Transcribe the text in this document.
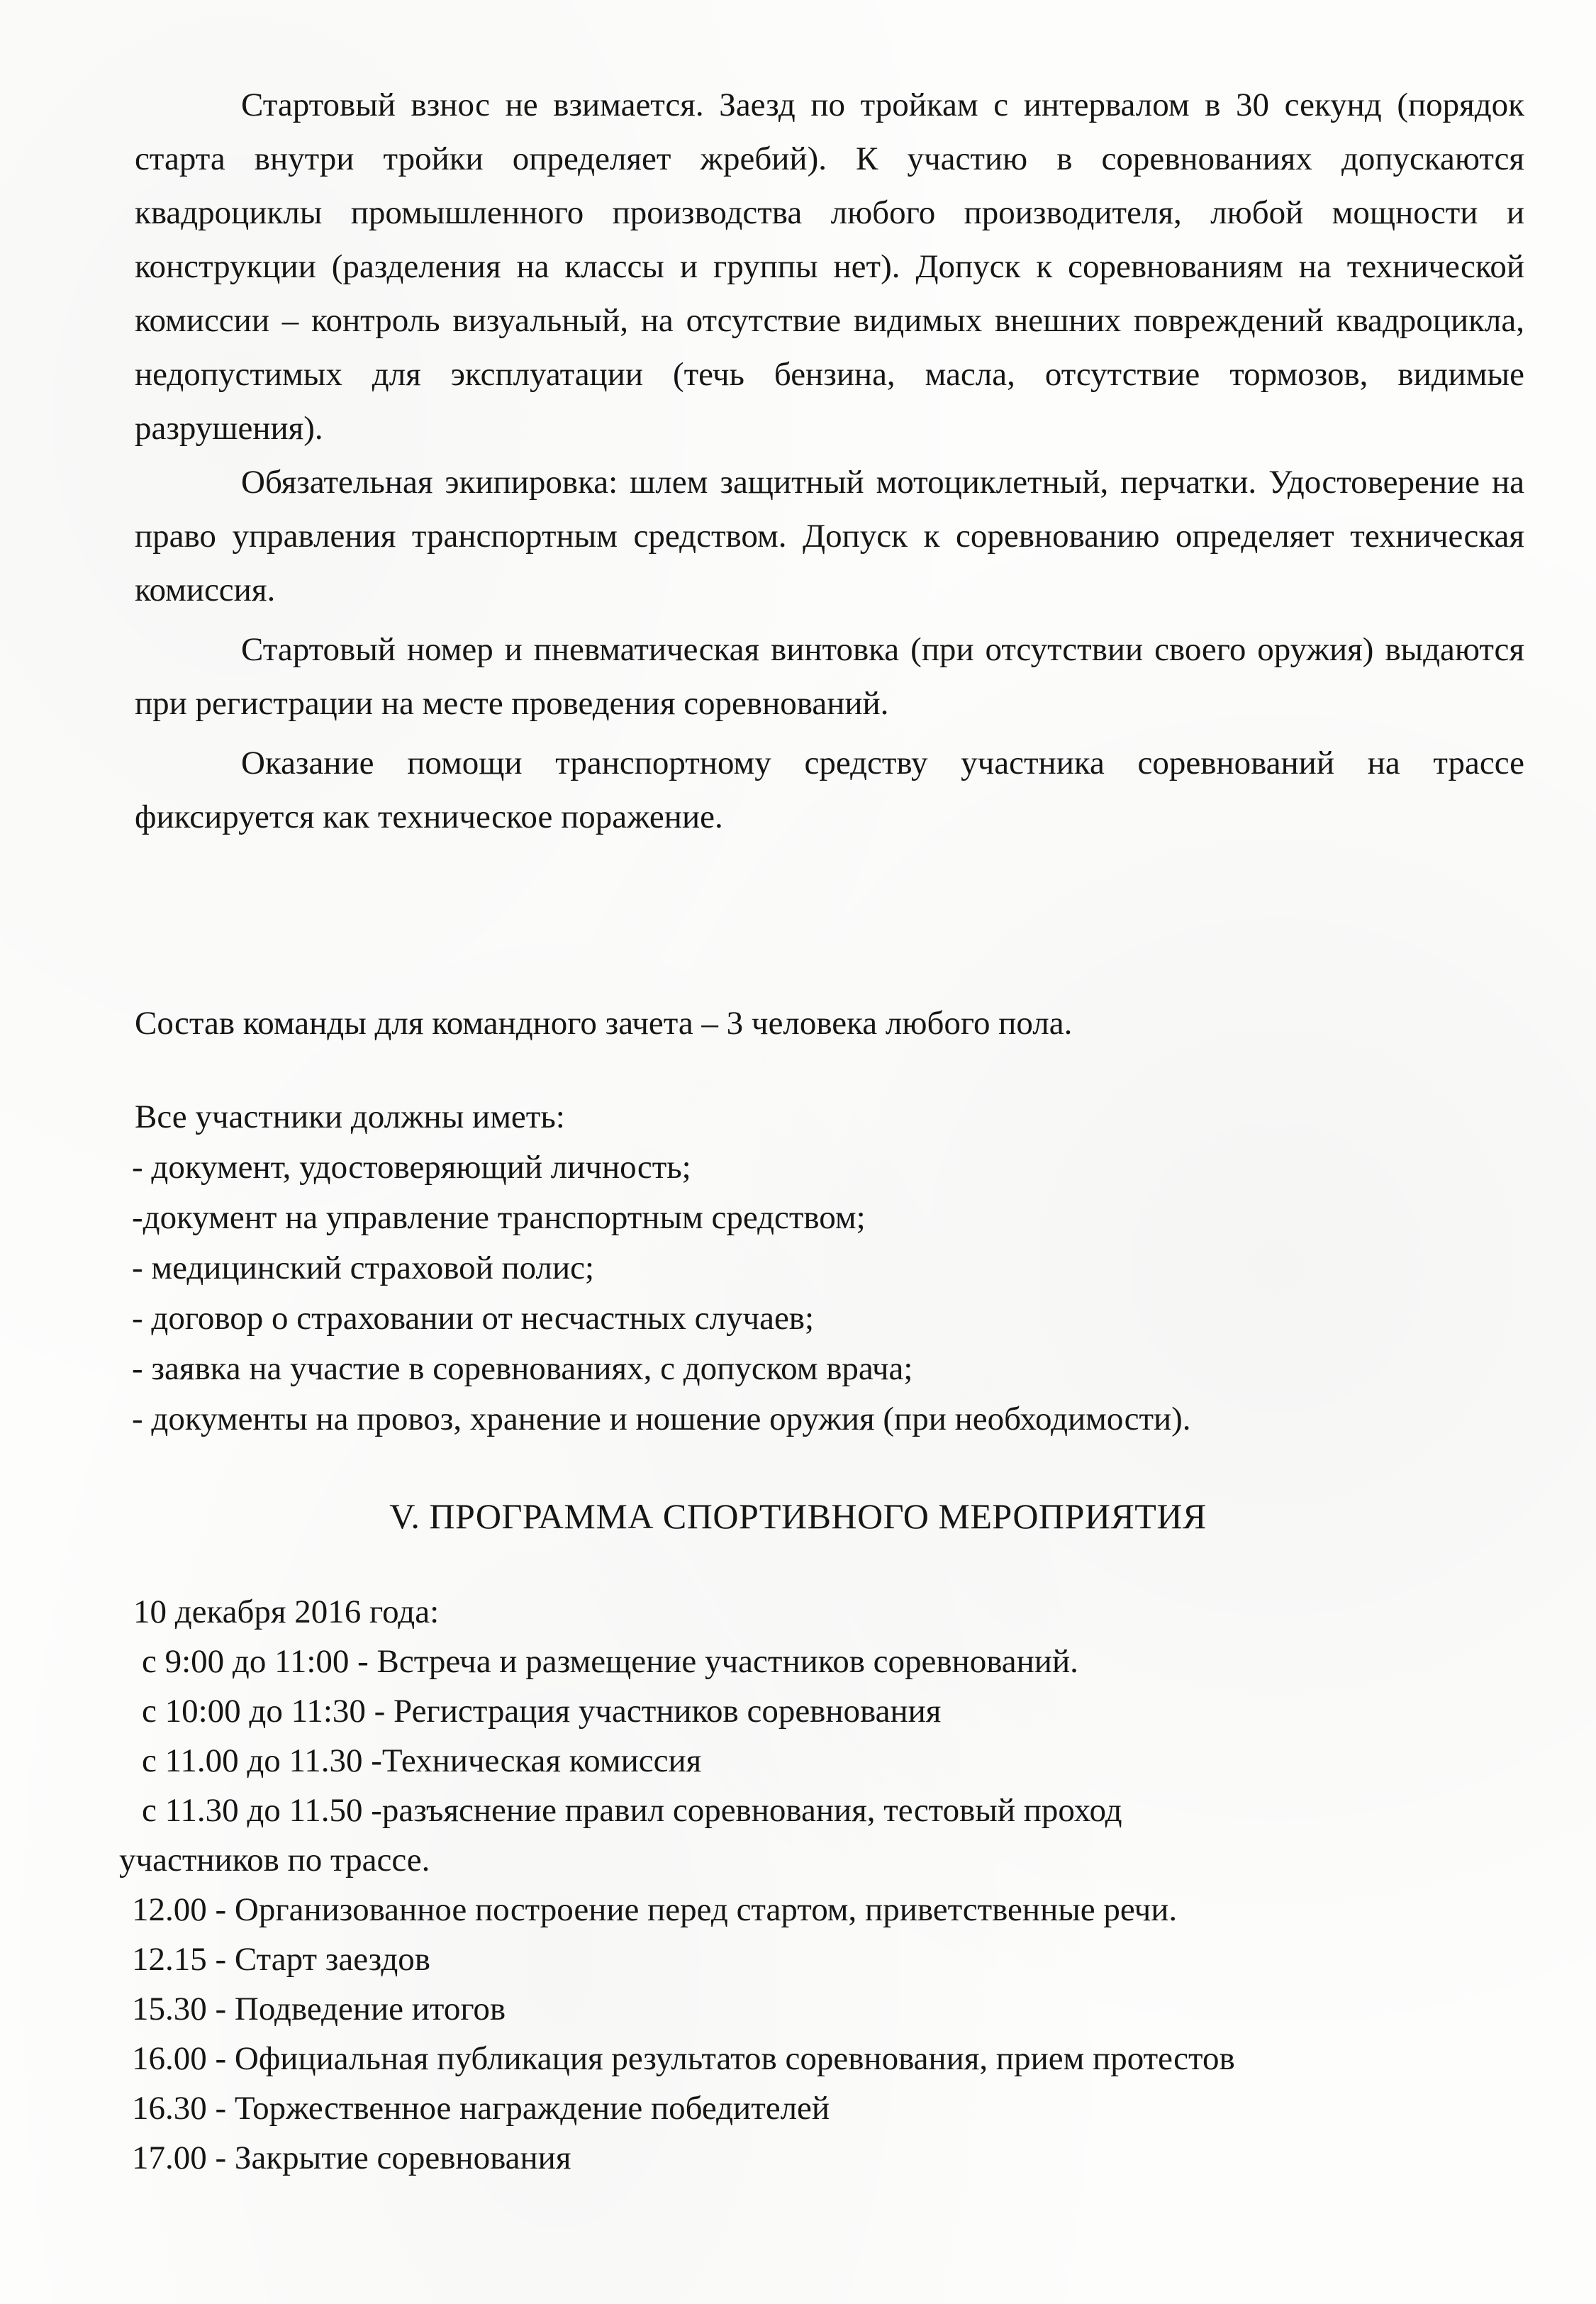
Стартовый взнос не взимается. Заезд по тройкам с интервалом в 30 секунд (порядок старта внутри тройки определяет жребий). К участию в соревнованиях допускаются квадроциклы промышленного производства любого производителя, любой мощности и конструкции (разделения на классы и группы нет). Допуск к соревнованиям на технической комиссии – контроль визуальный, на отсутствие видимых внешних повреждений квадроцикла, недопустимых для эксплуатации (течь бензина, масла, отсутствие тормозов, видимые разрушения).

Обязательная экипировка: шлем защитный мотоциклетный, перчатки. Удостоверение на право управления транспортным средством. Допуск к соревнованию определяет техническая комиссия.

Стартовый номер и пневматическая винтовка (при отсутствии своего оружия) выдаются при регистрации на месте проведения соревнований.

Оказание помощи транспортному средству участника соревнований на трассе фиксируется как техническое поражение.

Состав команды для командного зачета – 3 человека любого пола.
Все участники должны иметь:
- документ, удостоверяющий личность;
-документ на управление транспортным средством;
- медицинский страховой полис;
- договор о страховании от несчастных случаев;
- заявка на участие в соревнованиях, с допуском врача;
- документы на провоз, хранение и ношение оружия (при необходимости).
V. ПРОГРАММА СПОРТИВНОГО МЕРОПРИЯТИЯ
10 декабря 2016 года:
с 9:00 до 11:00 - Встреча и размещение участников соревнований.
с 10:00 до 11:30 - Регистрация участников соревнования
с 11.00 до 11.30 -Техническая комиссия
с 11.30 до 11.50 -разъяснение правил соревнования, тестовый проход
участников по трассе.
12.00 - Организованное построение перед стартом, приветственные речи.
12.15 - Старт заездов
15.30 - Подведение итогов
16.00 - Официальная публикация результатов соревнования, прием протестов
16.30 - Торжественное награждение победителей
17.00 - Закрытие соревнования
